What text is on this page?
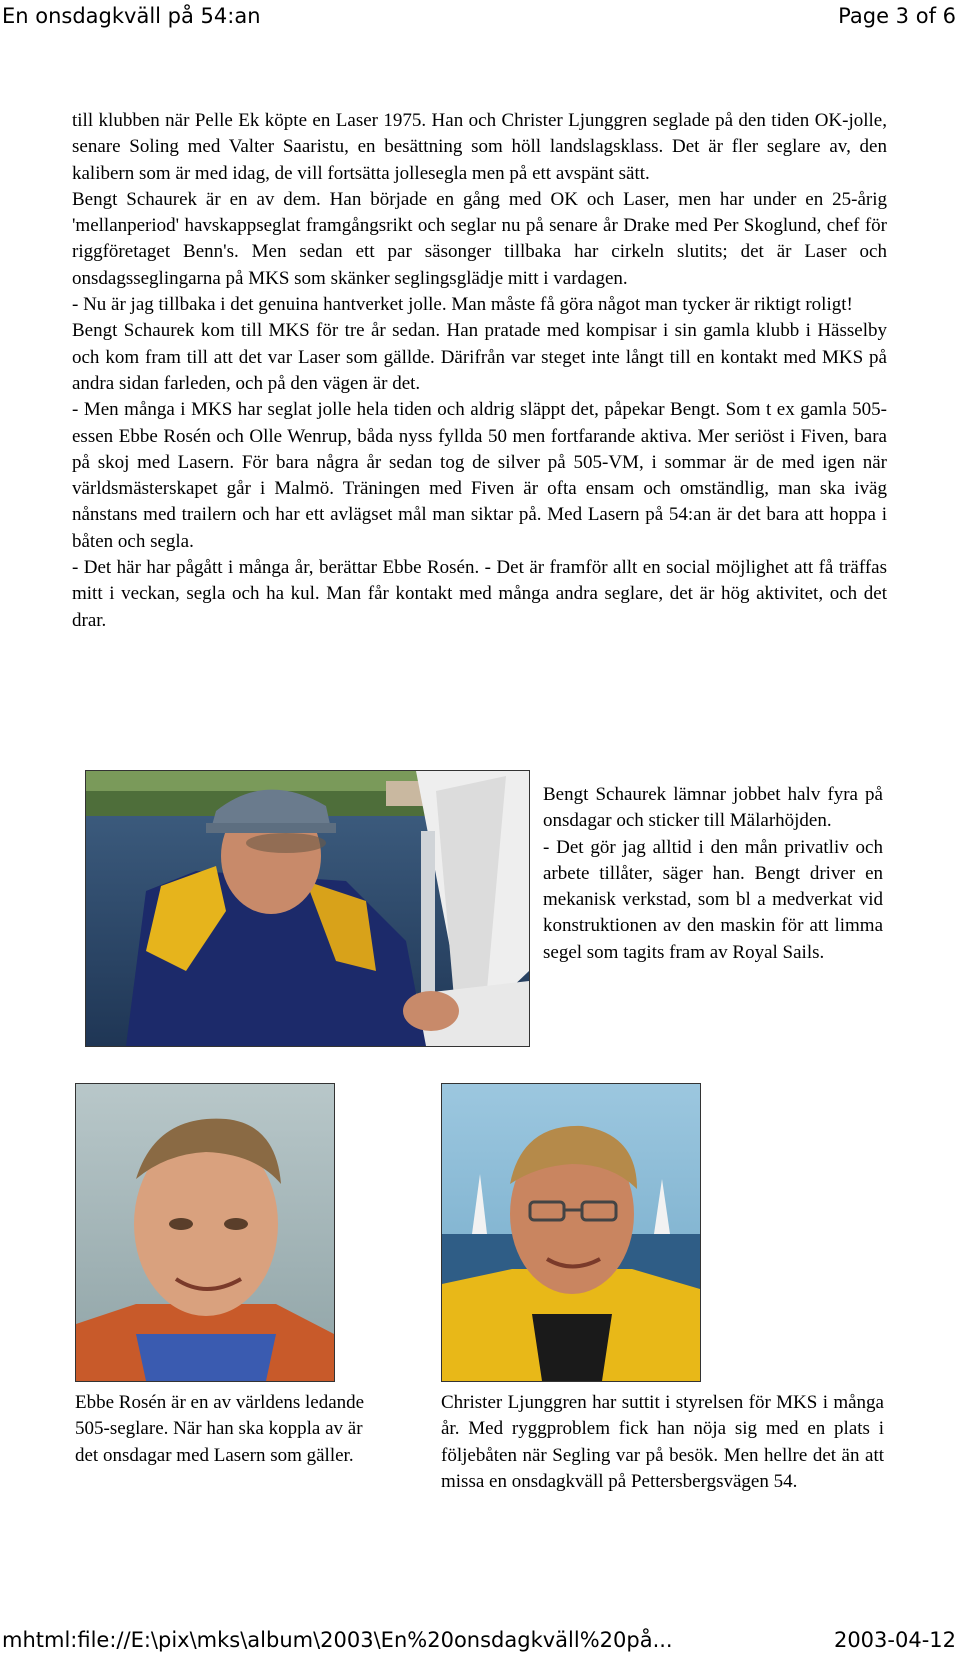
En onsdagkväll på 54:an	Page 3 of 6

till klubben när Pelle Ek köpte en Laser 1975. Han och Christer Ljunggren seglade på den tiden OK-jolle, senare Soling med Valter Saaristu, en besättning som höll landslagsklass. Det är fler seglare av, den kalibern som är med idag, de vill fortsätta jollesegla men på ett avspänt sätt.

Bengt Schaurek är en av dem. Han började en gång med OK och Laser, men har under en 25-årig 'mellanperiod' havskappseglat framgångsrikt och seglar nu på senare år Drake med Per Skoglund, chef för riggföretaget Benn's. Men sedan ett par säsonger tillbaka har cirkeln slutits; det är Laser och onsdagsseglingarna på MKS som skänker seglingsglädje mitt i vardagen.

- Nu är jag tillbaka i det genuina hantverket jolle. Man måste få göra något man tycker är riktigt roligt!

Bengt Schaurek kom till MKS för tre år sedan. Han pratade med kompisar i sin gamla klubb i Hässelby och kom fram till att det var Laser som gällde. Därifrån var steget inte långt till en kontakt med MKS på andra sidan farleden, och på den vägen är det.

- Men många i MKS har seglat jolle hela tiden och aldrig släppt det, påpekar Bengt. Som t ex gamla 505-essen Ebbe Rosén och Olle Wenrup, båda nyss fyllda 50 men fortfarande aktiva. Mer seriöst i Fiven, bara på skoj med Lasern. För bara några år sedan tog de silver på 505-VM, i sommar är de med igen när världsmästerskapet går i Malmö. Träningen med Fiven är ofta ensam och omständlig, man ska iväg nånstans med trailern och har ett avlägset mål man siktar på. Med Lasern på 54:an är det bara att hoppa i båten och segla.

- Det här har pågått i många år, berättar Ebbe Rosén. - Det är framför allt en social möjlighet att få träffas mitt i veckan, segla och ha kul. Man får kontakt med många andra seglare, det är hög aktivitet, och det drar.

Bengt Schaurek lämnar jobbet halv fyra på onsdagar och sticker till Mälarhöjden.

- Det gör jag alltid i den mån privatliv och arbete tillåter, säger han. Bengt driver en mekanisk verkstad, som bl a medverkat vid konstruktionen av den maskin för att limma segel som tagits fram av Royal Sails.

Ebbe Rosén är en av världens ledande 505-seglare. När han ska koppla av är det onsdagar med Lasern som gäller.

Christer Ljunggren har suttit i styrelsen för MKS i många år. Med ryggproblem fick han nöja sig med en plats i följebåten när Segling var på besök. Men hellre det än att missa en onsdagkväll på Pettersbergsvägen 54.

mhtml:file://E:\pix\mks\album\2003\En%20onsdagkväll%20på...	2003-04-12
